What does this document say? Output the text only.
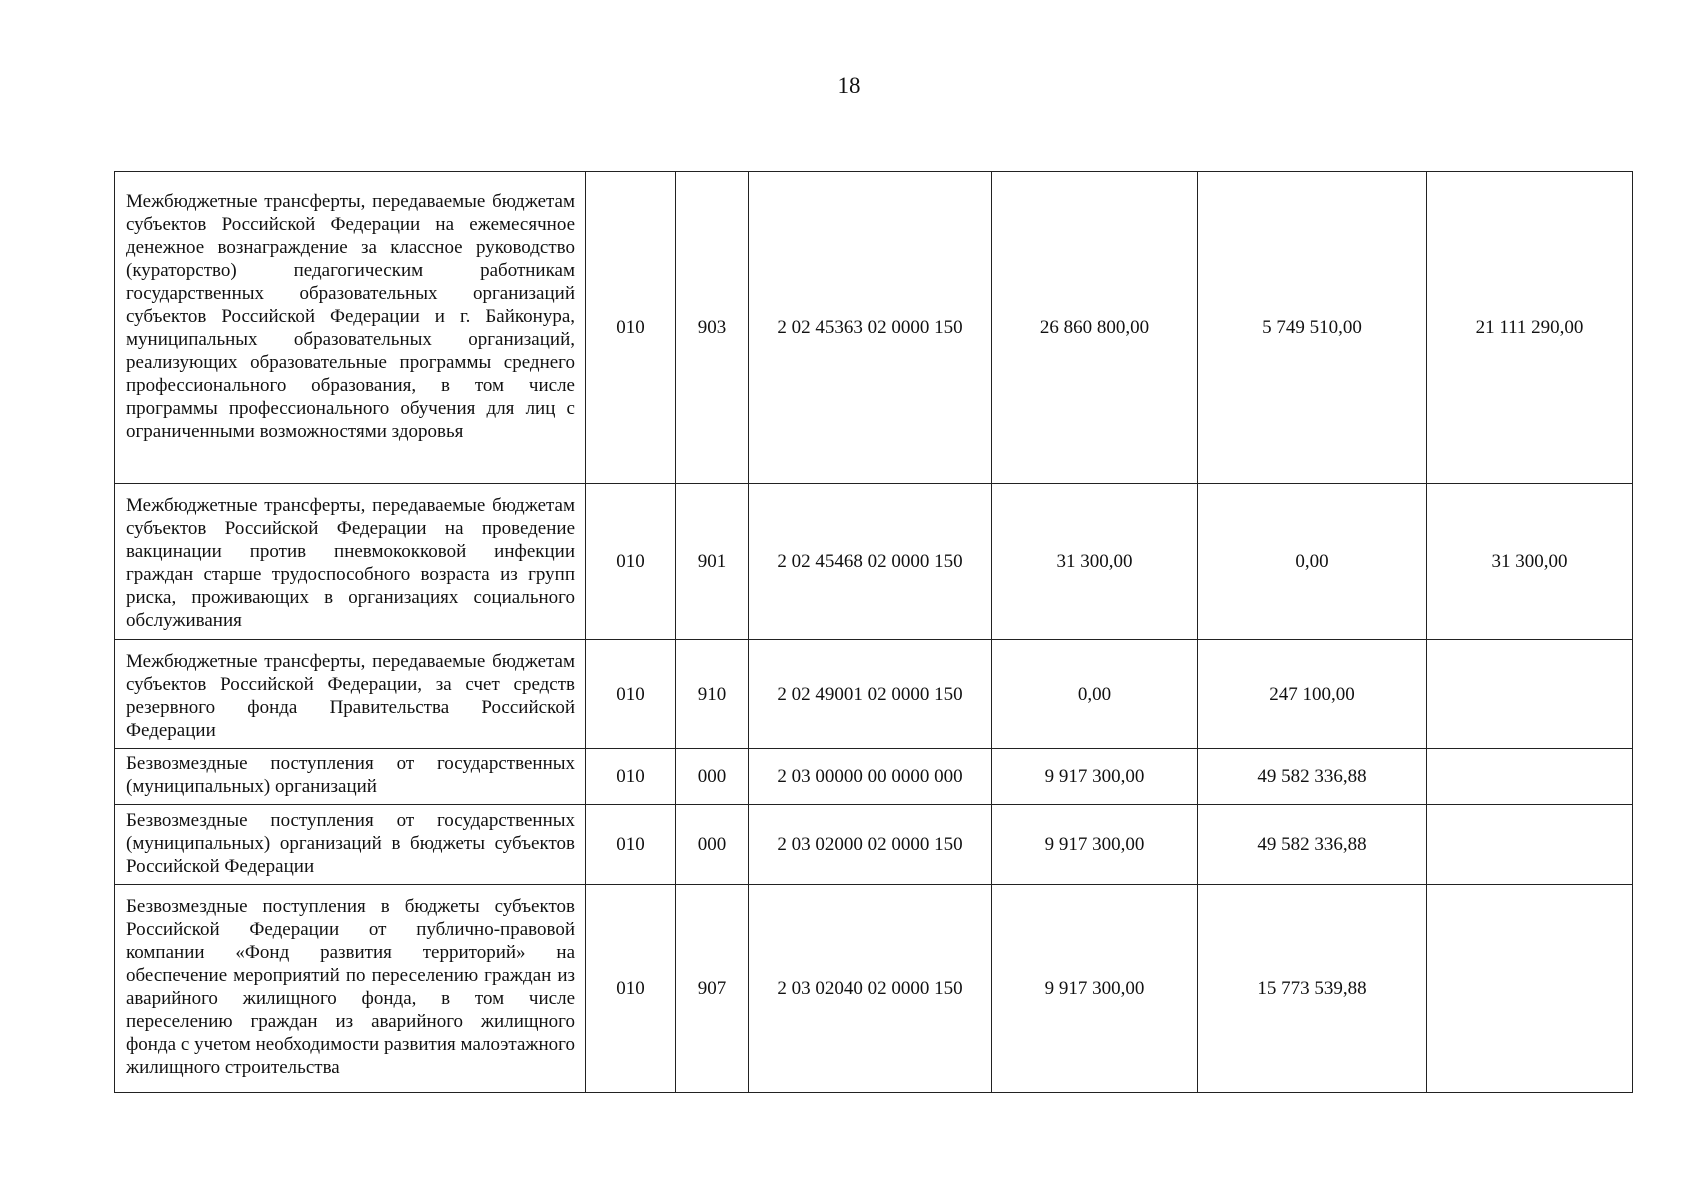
18
Межбюджетные трансферты, передаваемые бюджетам субъектов Российской Федерации на ежемесячное денежное вознаграждение за классное руководство (кураторство) педагогическим работникам государственных образовательных организаций субъектов Российской Федерации и г. Байконура, муниципальных образовательных организаций, реализующих образовательные программы среднего профессионального образования, в том числе программы профессионального обучения для лиц с ограниченными возможностями здоровья	010	903	2 02 45363 02 0000 150	26 860 800,00	5 749 510,00	21 111 290,00
Межбюджетные трансферты, передаваемые бюджетам субъектов Российской Федерации на проведение вакцинации против пневмококковой инфекции граждан старше трудоспособного возраста из групп риска, проживающих в организациях социального обслуживания	010	901	2 02 45468 02 0000 150	31 300,00	0,00	31 300,00
Межбюджетные трансферты, передаваемые бюджетам субъектов Российской Федерации, за счет средств резервного фонда Правительства Российской Федерации	010	910	2 02 49001 02 0000 150	0,00	247 100,00	
Безвозмездные поступления от государственных (муниципальных) организаций	010	000	2 03 00000 00 0000 000	9 917 300,00	49 582 336,88	
Безвозмездные поступления от государственных (муниципальных) организаций в бюджеты субъектов Российской Федерации	010	000	2 03 02000 02 0000 150	9 917 300,00	49 582 336,88	
Безвозмездные поступления в бюджеты субъектов Российской Федерации от публично-правовой компании «Фонд развития территорий» на обеспечение мероприятий по переселению граждан из аварийного жилищного фонда, в том числе переселению граждан из аварийного жилищного фонда с учетом необходимости развития малоэтажного жилищного строительства	010	907	2 03 02040 02 0000 150	9 917 300,00	15 773 539,88	
